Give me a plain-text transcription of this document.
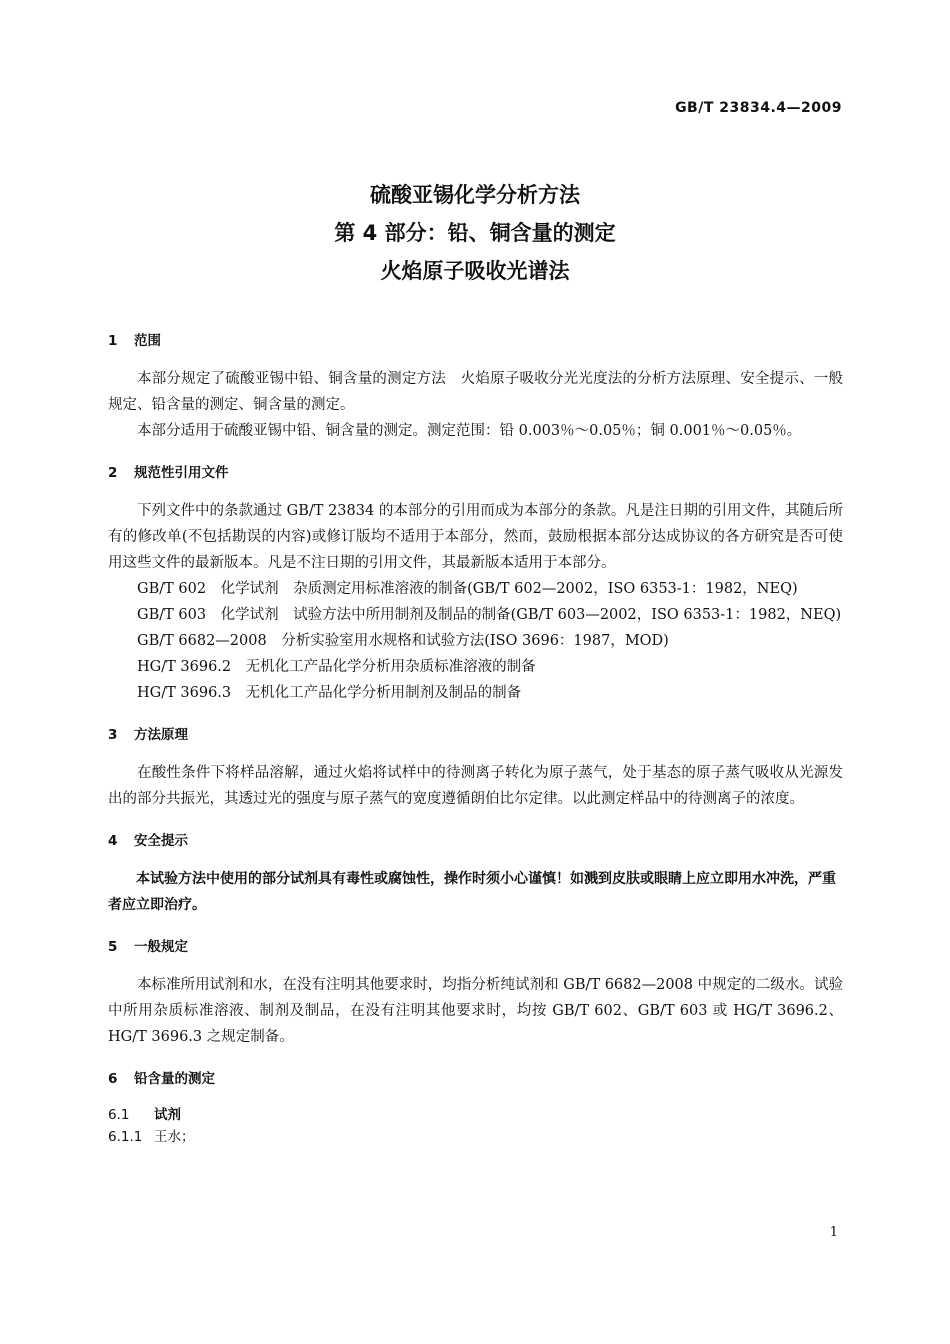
GB/T 23834.4—2009
硫酸亚锡化学分析方法
第 4 部分：铅、铜含量的测定
火焰原子吸收光谱法
1 范围

本部分规定了硫酸亚锡中铅、铜含量的测定方法　火焰原子吸收分光光度法的分析方法原理、安全提示、一般规定、铅含量的测定、铜含量的测定。

本部分适用于硫酸亚锡中铅、铜含量的测定。测定范围：铅 0.003％～0.05％；铜 0.001％～0.05％。

2 规范性引用文件

下列文件中的条款通过 GB/T 23834 的本部分的引用而成为本部分的条款。凡是注日期的引用文件，其随后所有的修改单(不包括勘误的内容)或修订版均不适用于本部分，然而，鼓励根据本部分达成协议的各方研究是否可使用这些文件的最新版本。凡是不注日期的引用文件，其最新版本适用于本部分。

GB/T 602　化学试剂　杂质测定用标准溶液的制备(GB/T 602—2002，ISO 6353-1：1982，NEQ)

GB/T 603　化学试剂　试验方法中所用制剂及制品的制备(GB/T 603—2002，ISO 6353-1：1982，NEQ)

GB/T 6682—2008　分析实验室用水规格和试验方法(ISO 3696：1987，MOD)

HG/T 3696.2　无机化工产品化学分析用杂质标准溶液的制备

HG/T 3696.3　无机化工产品化学分析用制剂及制品的制备

3 方法原理

在酸性条件下将样品溶解，通过火焰将试样中的待测离子转化为原子蒸气，处于基态的原子蒸气吸收从光源发出的部分共振光，其透过光的强度与原子蒸气的宽度遵循朗伯比尔定律。以此测定样品中的待测离子的浓度。

4 安全提示

本试验方法中使用的部分试剂具有毒性或腐蚀性，操作时须小心谨慎！如溅到皮肤或眼睛上应立即用水冲洗，严重者应立即治疗。

5 一般规定

本标准所用试剂和水，在没有注明其他要求时，均指分析纯试剂和 GB/T 6682—2008 中规定的二级水。试验中所用杂质标准溶液、制剂及制品，在没有注明其他要求时，均按 GB/T 602、GB/T 603 或 HG/T 3696.2、HG/T 3696.3 之规定制备。

6 铅含量的测定
6.1 试剂
6.1.1 王水；
1
